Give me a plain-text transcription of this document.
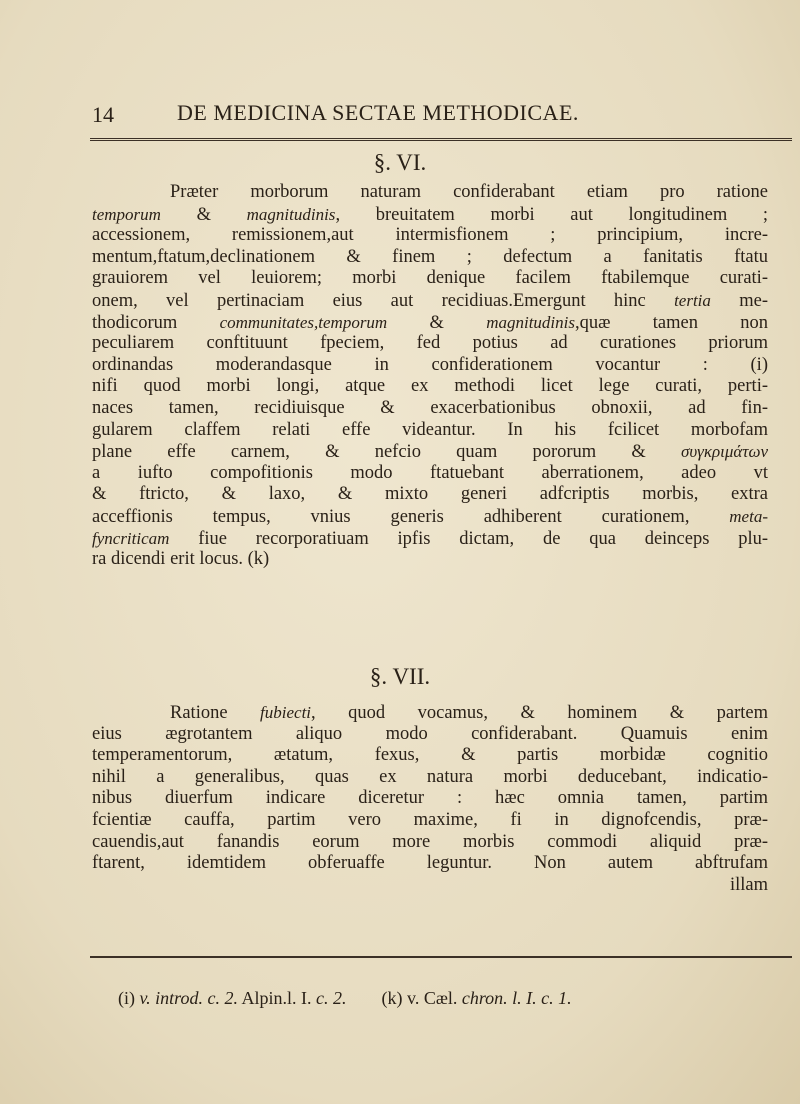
14	DE MEDICINA SECTAE METHODICAE.
§. VI.
Præter morborum naturam confiderabant etiam pro ratione
temporum & magnitudinis, breuitatem morbi aut longitudinem ;
accessionem, remissionem,aut intermisfionem ; principium, incre-
mentum,ftatum,declinationem & finem ; defectum a fanitatis ftatu
grauiorem vel leuiorem; morbi denique facilem ftabilemque curati-
onem, vel pertinaciam eius aut recidiuas.Emergunt hinc tertia me-
thodicorum communitates,temporum & magnitudinis,quæ tamen non
peculiarem conftituunt fpeciem, fed potius ad curationes priorum
ordinandas moderandasque in confiderationem vocantur : (i)
nifi quod morbi longi, atque ex methodi licet lege curati, perti-
naces tamen, recidiuisque & exacerbationibus obnoxii, ad fin-
gularem claffem relati effe videantur. In his fcilicet morbofam
plane effe carnem, & nefcio quam pororum & συγκριμάτων
a iufto compofitionis modo ftatuebant aberrationem, adeo vt
& ftricto, & laxo, & mixto generi adfcriptis morbis, extra
acceffionis tempus, vnius generis adhiberent curationem, meta-
fyncriticam fiue recorporatiuam ipfis dictam, de qua deinceps plu-
ra dicendi erit locus. (k)
§. VII.
Ratione fubiecti, quod vocamus, & hominem & partem
eius ægrotantem aliquo modo confiderabant. Quamuis enim
temperamentorum, ætatum, fexus, & partis morbidæ cognitio
nihil a generalibus, quas ex natura morbi deducebant, indicatio-
nibus diuerfum indicare diceretur : hæc omnia tamen, partim
fcientiæ cauffa, partim vero maxime, fi in dignofcendis, præ-
cauendis,aut fanandis eorum more morbis commodi aliquid præ-
ftarent, idemtidem obferuaffe leguntur. Non autem abftrufam
illam
(i) v. introd. c. 2. Alpin.l. I. c. 2. (k) v. Cæl. chron. l. I. c. 1.
